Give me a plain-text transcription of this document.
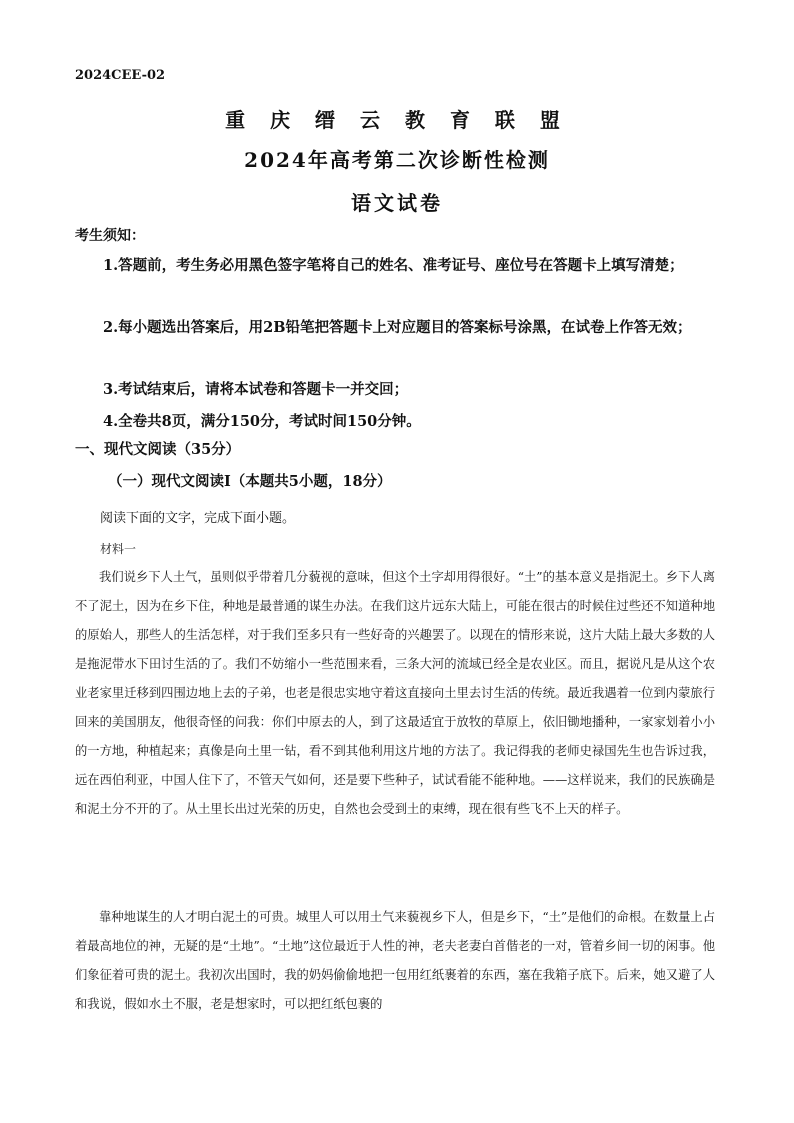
2024CEE-02
重 庆 缙 云 教 育 联 盟
2024年高考第二次诊断性检测
语文试卷
考生须知：
1.答题前，考生务必用黑色签字笔将自己的姓名、准考证号、座位号在答题卡上填写清楚；
2.每小题选出答案后，用2B铅笔把答题卡上对应题目的答案标号涂黑，在试卷上作答无效；
3.考试结束后，请将本试卷和答题卡一并交回；
4.全卷共8页，满分150分，考试时间150分钟。
一、现代文阅读（35分）
（一）现代文阅读Ⅰ（本题共5小题，18分）
阅读下面的文字，完成下面小题。
材料一
我们说乡下人土气，虽则似乎带着几分藐视的意味，但这个土字却用得很好。“土”的基本意义是指泥土。乡下人离不了泥土，因为在乡下住，种地是最普通的谋生办法。在我们这片远东大陆上，可能在很古的时候住过些还不知道种地的原始人，那些人的生活怎样，对于我们至多只有一些好奇的兴趣罢了。以现在的情形来说，这片大陆上最大多数的人是拖泥带水下田讨生活的了。我们不妨缩小一些范围来看，三条大河的流域已经全是农业区。而且，据说凡是从这个农业老家里迁移到四围边地上去的子弟，也老是很忠实地守着这直接向土里去讨生活的传统。最近我遇着一位到内蒙旅行回来的美国朋友，他很奇怪的问我：你们中原去的人，到了这最适宜于放牧的草原上，依旧锄地播种，一家家划着小小的一方地，种植起来；真像是向土里一钻，看不到其他利用这片地的方法了。我记得我的老师史禄国先生也告诉过我，远在西伯利亚，中国人住下了，不管天气如何，还是要下些种子，试试看能不能种地。——这样说来，我们的民族确是和泥土分不开的了。从土里长出过光荣的历史，自然也会受到土的束缚，现在很有些飞不上天的样子。
靠种地谋生的人才明白泥土的可贵。城里人可以用土气来藐视乡下人，但是乡下，“土”是他们的命根。在数量上占着最高地位的神，无疑的是“土地”。“土地”这位最近于人性的神，老夫老妻白首偕老的一对，管着乡间一切的闲事。他们象征着可贵的泥土。我初次出国时，我的奶妈偷偷地把一包用红纸裹着的东西，塞在我箱子底下。后来，她又避了人和我说，假如水土不服，老是想家时，可以把红纸包裹的
